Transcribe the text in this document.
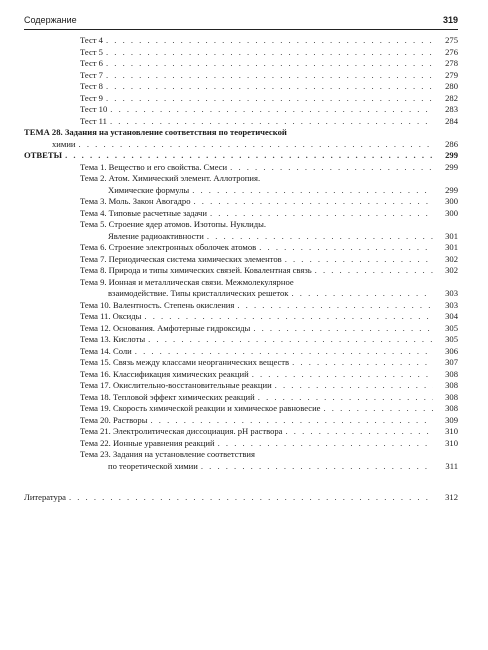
Содержание	319
Тест 4 . . .	275
Тест 5 . . .	276
Тест 6 . . .	278
Тест 7 . . .	279
Тест 8 . . .	280
Тест 9 . . .	282
Тест 10 . . .	283
Тест 11 . . .	284
ТЕМА 28. Задания на установление соответствия по теоретической
химии . . .	286
ОТВЕТЫ . . .	299
Тема 1. Вещество и его свойства. Смеси . . .	299
Тема 2. Атом. Химический элемент. Аллотропия.
Химические формулы . . .	299
Тема 3. Моль. Закон Авогадро . . .	300
Тема 4. Типовые расчетные задачи . . .	300
Тема 5. Строение ядер атомов. Изотопы. Нуклиды.
Явление радиоактивности . . .	301
Тема 6. Строение электронных оболочек атомов . . .	301
Тема 7. Периодическая система химических элементов . . .	302
Тема 8. Природа и типы химических связей. Ковалентная связь . . .	302
Тема 9. Ионная и металлическая связи. Межмолекулярное
взаимодействие. Типы кристаллических решеток . . .	303
Тема 10. Валентность. Степень окисления . . .	303
Тема 11. Оксиды . . .	304
Тема 12. Основания. Амфотерные гидроксиды . . .	305
Тема 13. Кислоты . . .	305
Тема 14. Соли . . .	306
Тема 15. Связь между классами неорганических веществ . . .	307
Тема 16. Классификация химических реакций . . .	308
Тема 17. Окислительно-восстановительные реакции . . .	308
Тема 18. Тепловой эффект химических реакций . . .	308
Тема 19. Скорость химической реакции и химическое равновесие . . .	308
Тема 20. Растворы . . .	309
Тема 21. Электролитическая диссоциация. pH раствора . . .	310
Тема 22. Ионные уравнения реакций . . .	310
Тема 23. Задания на установление соответствия
по теоретической химии . . .	311
Литература . . .	312
